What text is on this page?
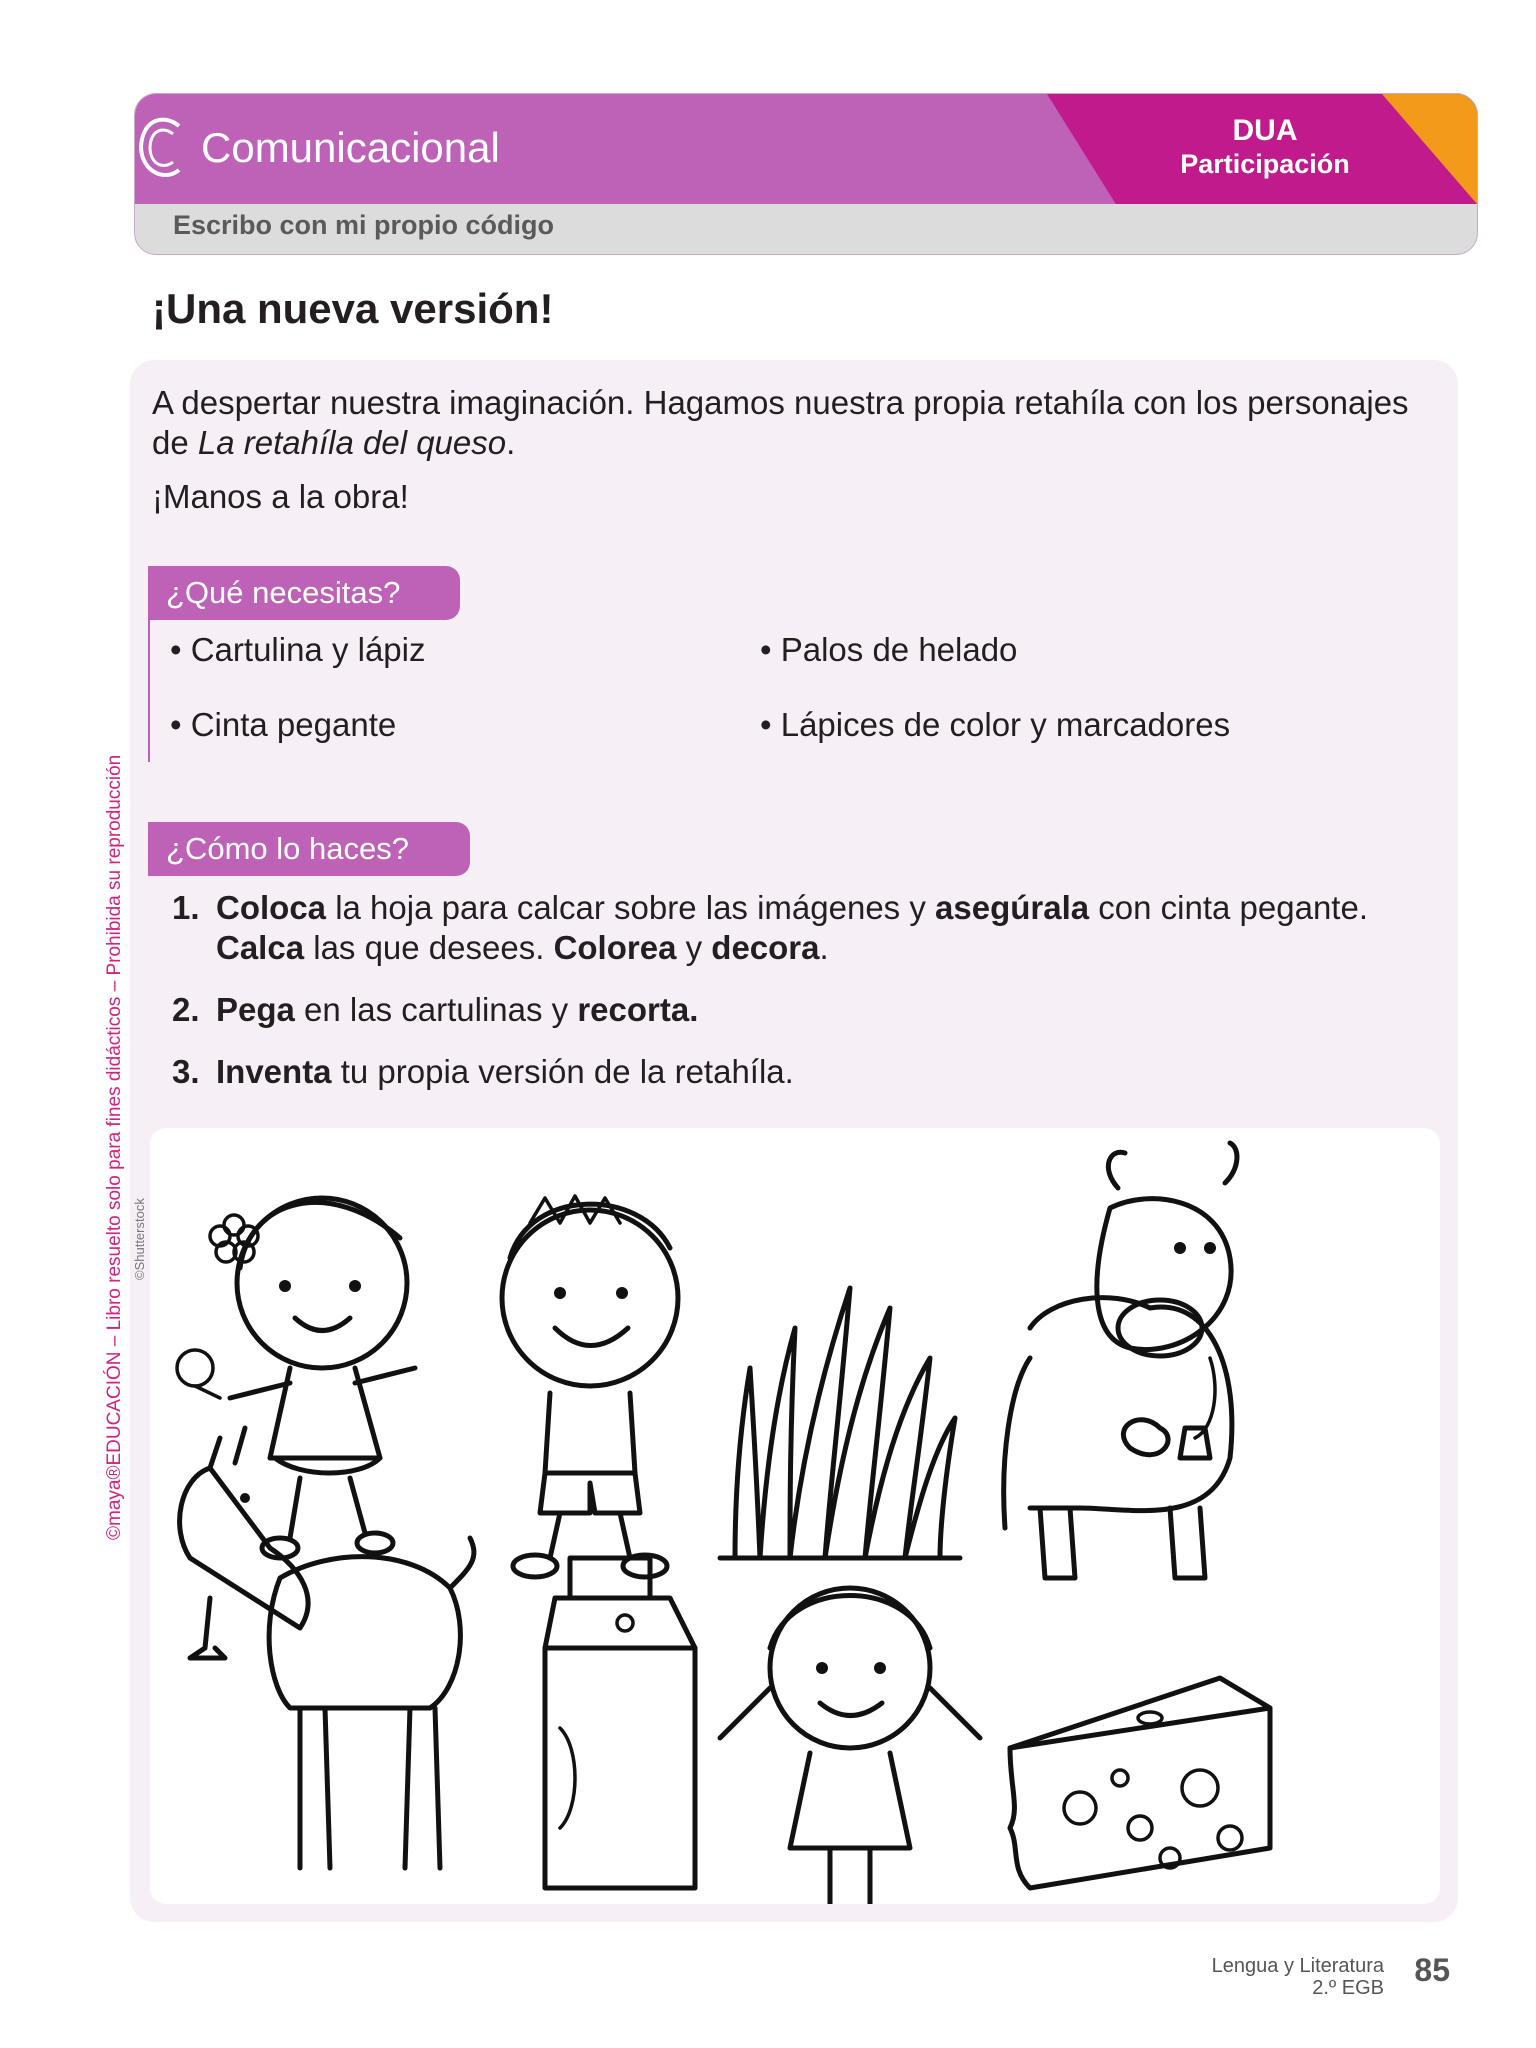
Comunicacional	DUA
Participación
Escribo con mi propio código
¡Una nueva versión!

A despertar nuestra imaginación. Hagamos nuestra propia retahíla con los personajes de La retahíla del queso.

¡Manos a la obra!

¿Qué necesitas?
• Cartulina y lápiz	• Palos de helado
• Cinta pegante	• Lápices de color y marcadores
¿Cómo lo haces?
1. Coloca la hoja para calcar sobre las imágenes y asegúrala con cinta pegante. Calca las que desees. Colorea y decora.
2. Pega en las cartulinas y recorta.
3. Inventa tu propia versión de la retahíla.
©maya®EDUCACIÓN – Libro resuelto solo para fines didácticos – Prohibida su reproducción ©Shutterstock
Lengua y Literatura
2.º EGB 85
